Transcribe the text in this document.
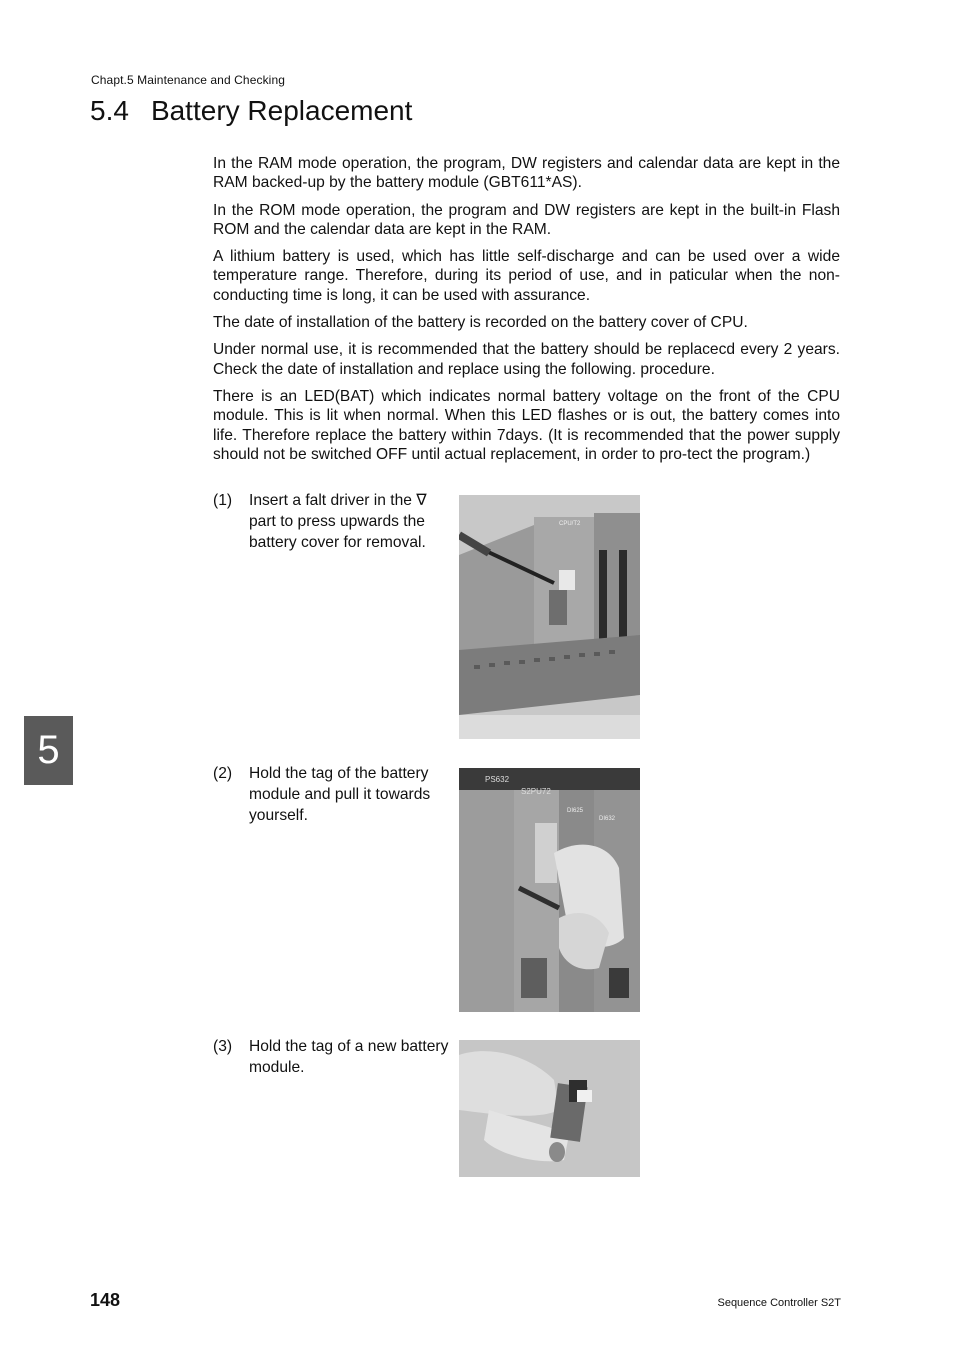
Chapt.5 Maintenance and Checking
5.4 Battery Replacement

In the RAM mode operation, the program, DW registers and calendar data are kept in the RAM backed-up by the battery module (GBT611*AS).

In the ROM mode operation, the program and DW registers are kept in the built-in Flash ROM and the calendar data are kept in the RAM.

A lithium battery is used, which has little self-discharge and can be used over a wide temperature range. Therefore, during its period of use, and in paticular when the non-conducting time is long, it can be used with assurance.

The date of installation of the battery is recorded on the battery cover of CPU.

Under normal use, it is recommended that the battery should be replacecd every 2 years. Check the date of installation and replace using the following. procedure.

There is an LED(BAT) which indicates normal battery voltage on the front of the CPU module. This is lit when normal. When this LED flashes or is out, the battery comes into life. Therefore replace the battery within 7days. (It is recommended that the power supply should not be switched OFF until actual replacement, in order to pro-tect the program.)

(1) Insert a falt driver in the ∇ part to press upwards the battery cover for removal.
CPU/T2
(2) Hold the tag of the battery module and pull it towards yourself.
PS632
S2PU72
DI625
DI632
(3) Hold the tag of a new battery module.
5
148	Sequence Controller S2T
